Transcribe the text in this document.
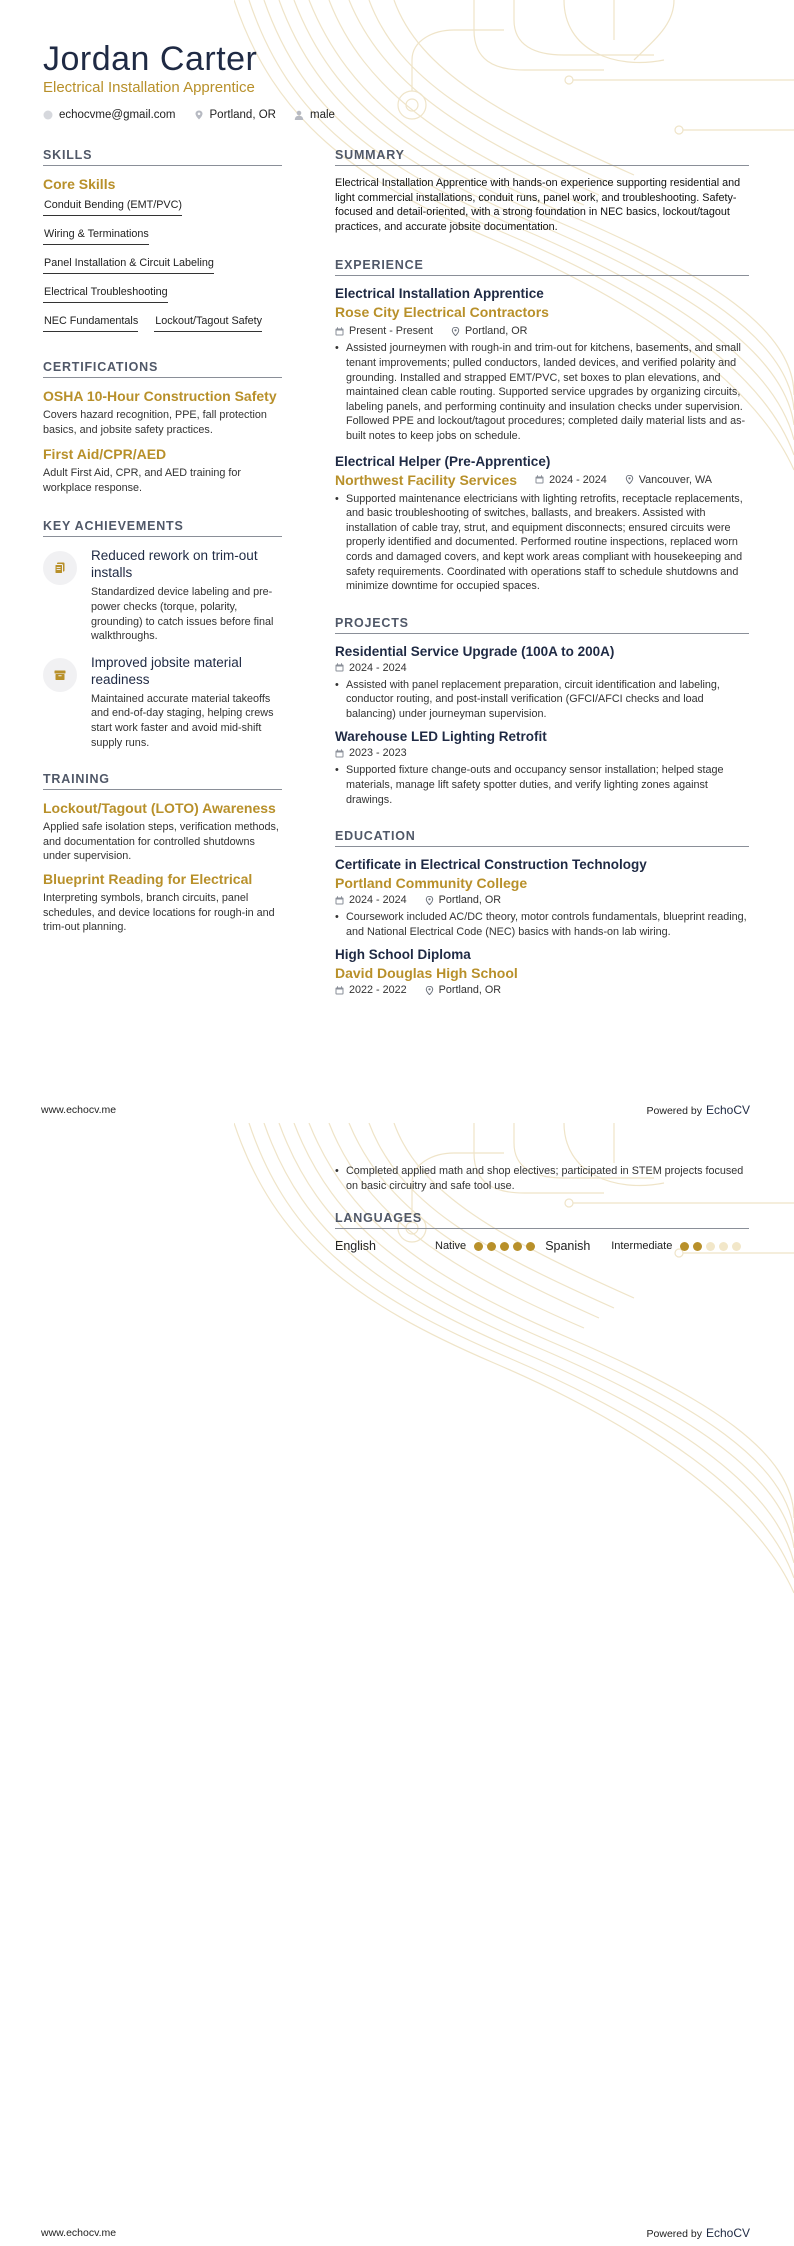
Jordan Carter

Electrical Installation Apprentice

echocvme@gmail.com	Portland, OR	male
SKILLS
Core Skills
Conduit Bending (EMT/PVC)
Wiring & Terminations
Panel Installation & Circuit Labeling
Electrical Troubleshooting
NEC Fundamentals Lockout/Tagout Safety
CERTIFICATIONS
OSHA 10-Hour Construction Safety

Covers hazard recognition, PPE, fall protection basics, and jobsite safety practices.

First Aid/CPR/AED

Adult First Aid, CPR, and AED training for workplace response.

KEY ACHIEVEMENTS

Reduced rework on trim-out installs

Standardized device labeling and pre-power checks (torque, polarity, grounding) to catch issues before final walkthroughs.

Improved jobsite material readiness

Maintained accurate material takeoffs and end-of-day staging, helping crews start work faster and avoid mid-shift supply runs.

TRAINING
Lockout/Tagout (LOTO) Awareness

Applied safe isolation steps, verification methods, and documentation for controlled shutdowns under supervision.

Blueprint Reading for Electrical

Interpreting symbols, branch circuits, panel schedules, and device locations for rough-in and trim-out planning.

SUMMARY

Electrical Installation Apprentice with hands-on experience supporting residential and light commercial installations, conduit runs, panel work, and troubleshooting. Safety-focused and detail-oriented, with a strong foundation in NEC basics, lockout/tagout practices, and accurate jobsite documentation.

EXPERIENCE
Electrical Installation Apprentice
Rose City Electrical Contractors
Present - Present	Portland, OR
•
Assisted journeymen with rough-in and trim-out for kitchens, basements, and small tenant improvements; pulled conductors, landed devices, and verified polarity and grounding. Installed and strapped EMT/PVC, set boxes to plan elevations, and maintained clean cable routing. Supported service upgrades by organizing circuits, labeling panels, and performing continuity and insulation checks under supervision. Followed PPE and lockout/tagout procedures; completed daily material lists and as-built notes to keep jobs on schedule.
Electrical Helper (Pre-Apprentice)
Northwest Facility Services	2024 - 2024	Vancouver, WA
•
Supported maintenance electricians with lighting retrofits, receptacle replacements, and basic troubleshooting of switches, ballasts, and breakers. Assisted with installation of cable tray, strut, and equipment disconnects; ensured circuits were properly identified and documented. Performed routine inspections, replaced worn cords and damaged covers, and kept work areas compliant with housekeeping and safety requirements. Coordinated with operations staff to schedule shutdowns and minimize downtime for occupied spaces.
PROJECTS
Residential Service Upgrade (100A to 200A)
2024 - 2024
•
Assisted with panel replacement preparation, circuit identification and labeling, conductor routing, and post-install verification (GFCI/AFCI checks and load balancing) under journeyman supervision.
Warehouse LED Lighting Retrofit
2023 - 2023
•
Supported fixture change-outs and occupancy sensor installation; helped stage materials, manage lift safety spotter duties, and verify lighting zones against drawings.
EDUCATION
Certificate in Electrical Construction Technology
Portland Community College
2024 - 2024	Portland, OR
•
Coursework included AC/DC theory, motor controls fundamentals, blueprint reading, and National Electrical Code (NEC) basics with hands-on lab wiring.
High School Diploma
David Douglas High School
2022 - 2022	Portland, OR
www.echocv.me	Powered by EchoCV
•
Completed applied math and shop electives; participated in STEM projects focused on basic circuitry and safe tool use.
LANGUAGES
English	Native	Spanish	Intermediate
www.echocv.me	Powered by EchoCV
